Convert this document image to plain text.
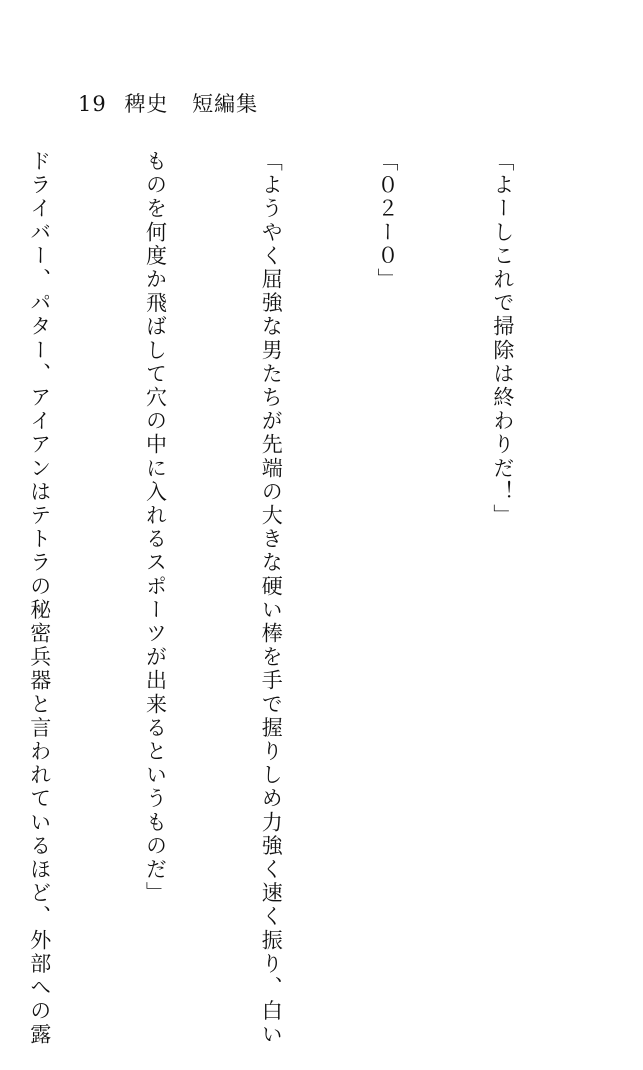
19 稗史 短編集

「よーしこれで掃除は終わりだ！」

「０２ー０」

「ようやく屈強な男たちが先端の大きな硬い棒を手で握りしめ力強く速く振り、白い

ものを何度か飛ばして穴の中に入れるスポーツが出来るというものだ」

ドライバー、パター、アイアンはテトラの秘密兵器と言われているほど、外部への露
